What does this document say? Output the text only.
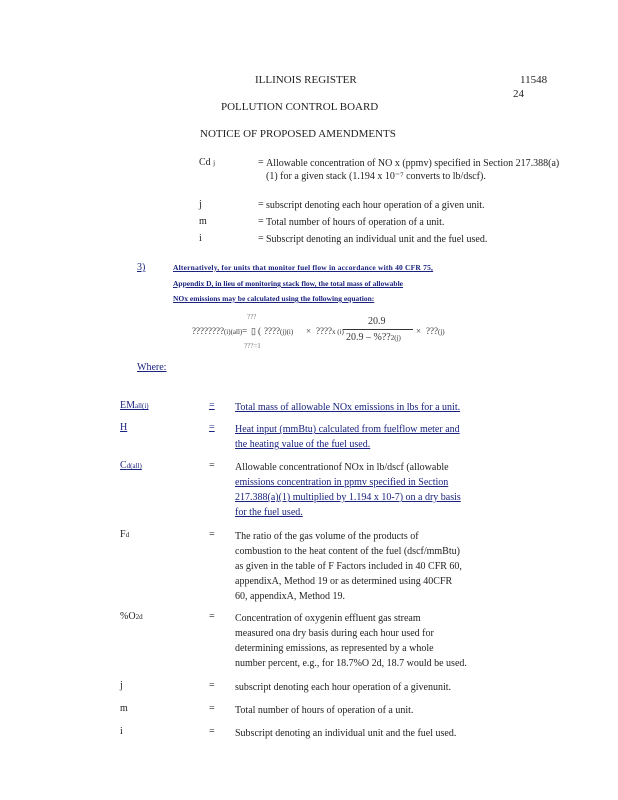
ILLINOIS REGISTER	11548
24
POLLUTION CONTROL BOARD
NOTICE OF PROPOSED AMENDMENTS
Cd j	= Allowable concentration of NO x (ppmv) specified in Section 217.388(a)(1) for a given stack (1.194 x 10⁻⁷ converts to lb/dscf).
j	= subscript denoting each hour operation of a given unit.
m	= Total number of hours of operation of a unit.
i	= Subscript denoting an individual unit and the fuel used.
3)	Alternatively, for units that monitor fuel flow in accordance with 40 CFR 75,
Appendix D, in lieu of monitoring stack flow, the total mass of allowable
NOx emissions may be calculated using the following equation:
???
????????(i)(all) = ▯ ( ????(j)(i) × ????x (i)
20.9
20.9 – %??2(j)
× ???(j)
???=1
Where:
EMall(i)	= Total mass of allowable NOx emissions in lbs for a unit.
H	= Heat input (mmBtu) calculated from fuelflow meter and
the heating value of the fuel used.
Cd(all)	= Allowable concentrationof NOx in lb/dscf (allowable
emissions concentration in ppmv specified in Section
217.388(a)(1) multiplied by 1.194 x 10-7) on a dry basis
for the fuel used.
Fd	= The ratio of the gas volume of the products of
combustion to the heat content of the fuel (dscf/mmBtu)
as given in the table of F Factors included in 40 CFR 60,
appendixA, Method 19 or as determined using 40CFR
60, appendixA, Method 19.
%O2d	= Concentration of oxygenin effluent gas stream
measured ona dry basis during each hour used for
determining emissions, as represented by a whole
number percent, e.g., for 18.7%O 2d, 18.7 would be used.
j	= subscript denoting each hour operation of a givenunit.
m	= Total number of hours of operation of a unit.
i	= Subscript denoting an individual unit and the fuel used.
